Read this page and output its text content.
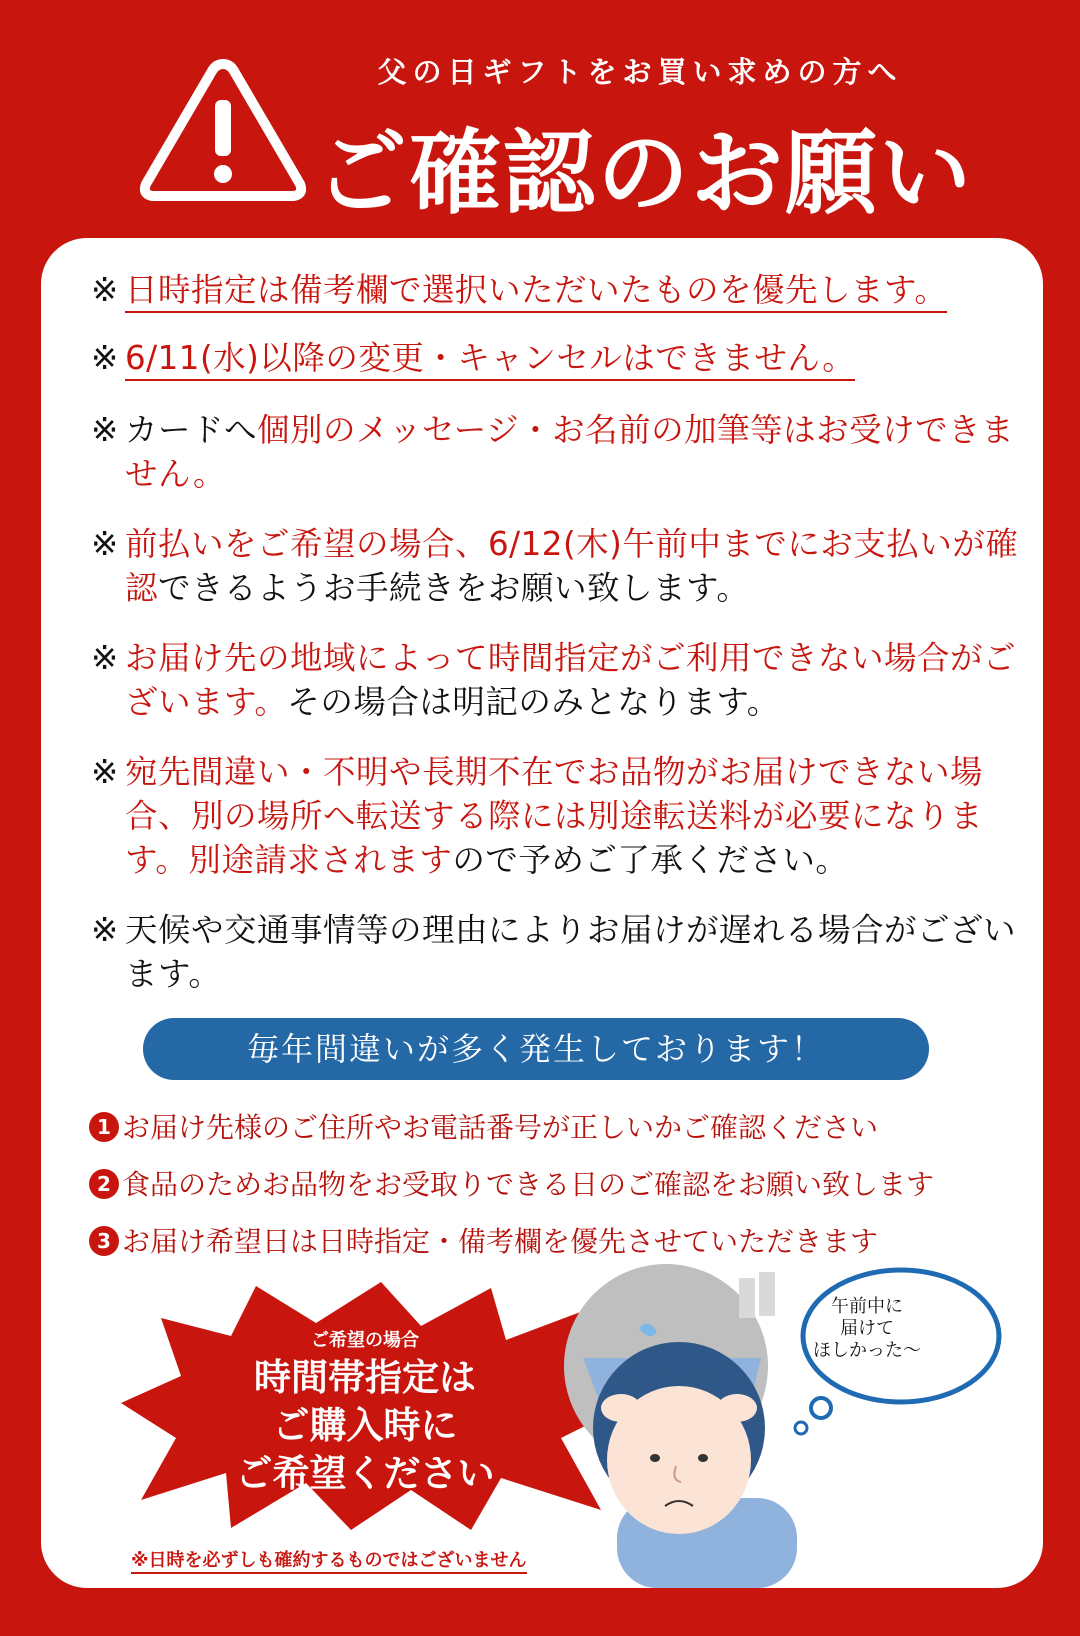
父の日ギフトをお買い求めの方へ
ご確認のお願い
※ 日時指定は備考欄で選択いただいたものを優先します。
※ 6/11(水)以降の変更・キャンセルはできません。
※ カードへ個別のメッセージ・お名前の加筆等はお受けできません。
※ 前払いをご希望の場合、6/12(木)午前中までにお支払いが確認できるようお手続きをお願い致します。
※ お届け先の地域によって時間指定がご利用できない場合がございます。その場合は明記のみとなります。
※ 宛先間違い・不明や長期不在でお品物がお届けできない場合、別の場所へ転送する際には別途転送料が必要になります。別途請求されますので予めご了承ください。
※ 天候や交通事情等の理由によりお届けが遅れる場合がございます。
毎年間違いが多く発生しております！
1 お届け先様のご住所やお電話番号が正しいかご確認ください
2 食品のためお品物をお受取りできる日のご確認をお願い致します
3 お届け希望日は日時指定・備考欄を優先させていただきます
ご希望の場合
時間帯指定は
ご購入時に
ご希望ください
午前中に
届けて
ほしかった～
※日時を必ずしも確約するものではございません
